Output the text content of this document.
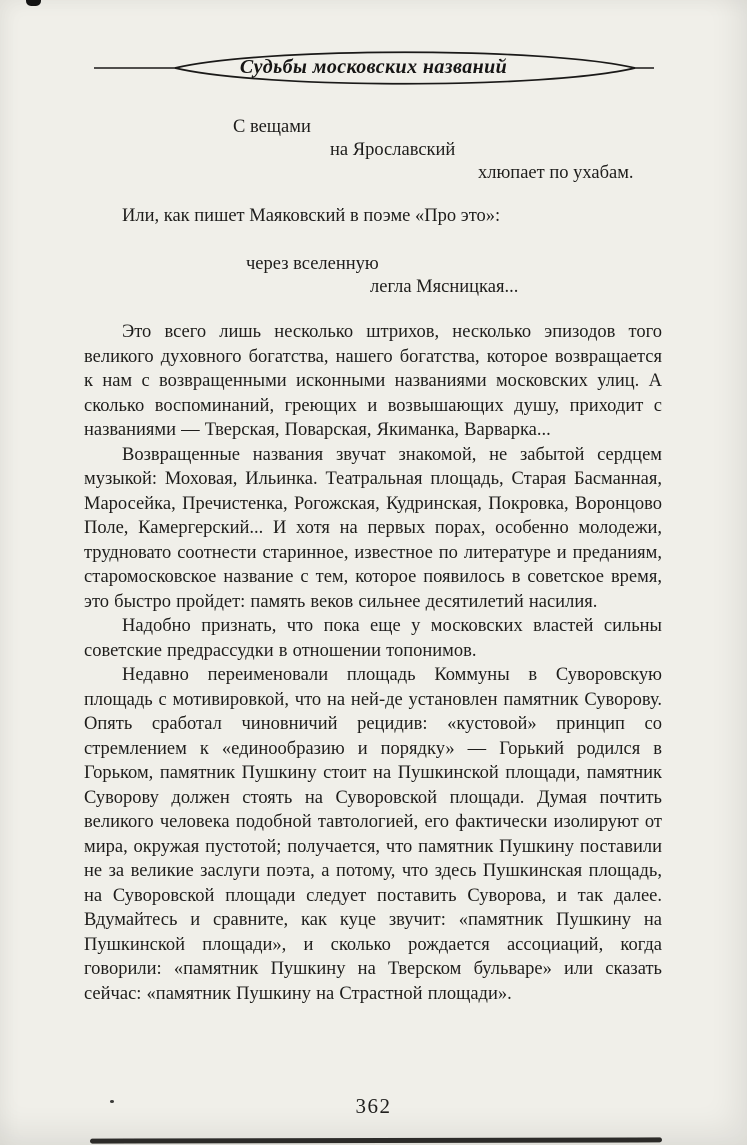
Судьбы московских названий
С вещами
на Ярославский
хлюпает по ухабам.
Или, как пишет Маяковский в поэме «Про это»:
через вселенную
легла Мясницкая...

Это всего лишь несколько штрихов, несколько эпизодов того великого духовного богатства, нашего богатства, которое возвращается к нам с возвращенными исконными названиями московских улиц. А сколько воспоминаний, греющих и возвышающих душу, приходит с названиями — Тверская, Поварская, Якиманка, Варварка...

Возвращенные названия звучат знакомой, не забытой сердцем музыкой: Моховая, Ильинка. Театральная площадь, Старая Басманная, Маросейка, Пречистенка, Рогожская, Кудринская, Покровка, Воронцово Поле, Камергерский... И хотя на первых порах, особенно молодежи, трудновато соотнести старинное, известное по литературе и преданиям, старомосковское название с тем, которое появилось в советское время, это быстро пройдет: память веков сильнее десятилетий насилия.

Надобно признать, что пока еще у московских властей сильны советские предрассудки в отношении топонимов.

Недавно переименовали площадь Коммуны в Суворовскую площадь с мотивировкой, что на ней-де установлен памятник Суворову. Опять сработал чиновничий рецидив: «кустовой» принцип со стремлением к «единообразию и порядку» — Горький родился в Горьком, памятник Пушкину стоит на Пушкинской площади, памятник Суворову должен стоять на Суворовской площади. Думая почтить великого человека подобной тавтологией, его фактически изолируют от мира, окружая пустотой; получается, что памятник Пушкину поставили не за великие заслуги поэта, а потому, что здесь Пушкинская площадь, на Суворовской площади следует поставить Суворова, и так далее. Вдумайтесь и сравните, как куце звучит: «памятник Пушкину на Пушкинской площади», и сколько рождается ассоциаций, когда говорили: «памятник Пушкину на Тверском бульваре» или сказать сейчас: «памятник Пушкину на Страстной площади».

362
